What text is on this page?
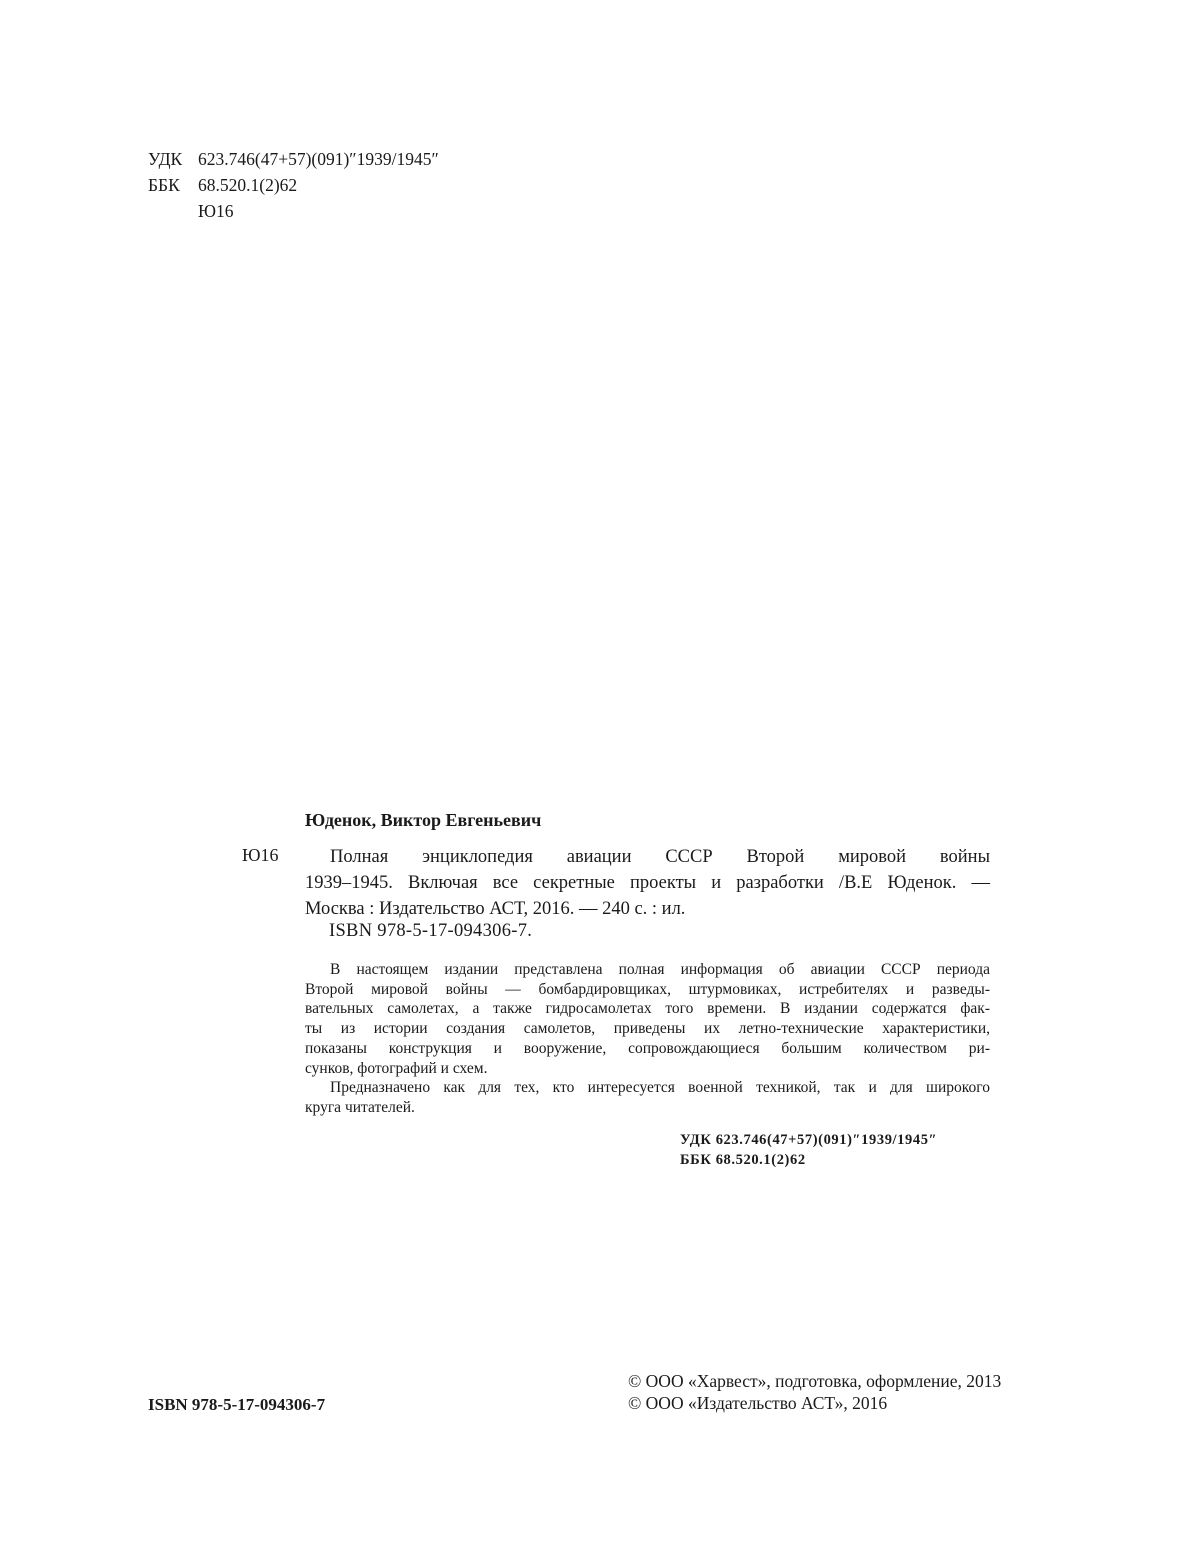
УДК 623.746(47+57)(091)″1939/1945″
ББК	68.520.1(2)62
Ю16
Юденок, Виктор Евгеньевич
Ю16	Полная энциклопедия авиации СССР Второй мировой войны
1939–1945. Включая все секретные проекты и разработки /В.Е Юденок. —
Москва : Издательство АСТ, 2016. — 240 с. : ил.
ISBN 978-5-17-094306-7.

В настоящем издании представлена полная информация об авиации СССР периода
Второй мировой войны — бомбардировщиках, штурмовиках, истребителях и разведы-
вательных самолетах, а также гидросамолетах того времени. В издании содержатся фак-
ты из истории создания самолетов, приведены их летно-технические характеристики,
показаны конструкция и вооружение, сопровождающиеся большим количеством ри-
сунков, фотографий и схем.

Предназначено как для тех, кто интересуется военной техникой, так и для широкого
круга читателей.

УДК 623.746(47+57)(091)″1939/1945″
ББК 68.520.1(2)62
ISBN 978-5-17-094306-7
© ООО «Харвест», подготовка, оформление, 2013
© ООО «Издательство АСТ», 2016
